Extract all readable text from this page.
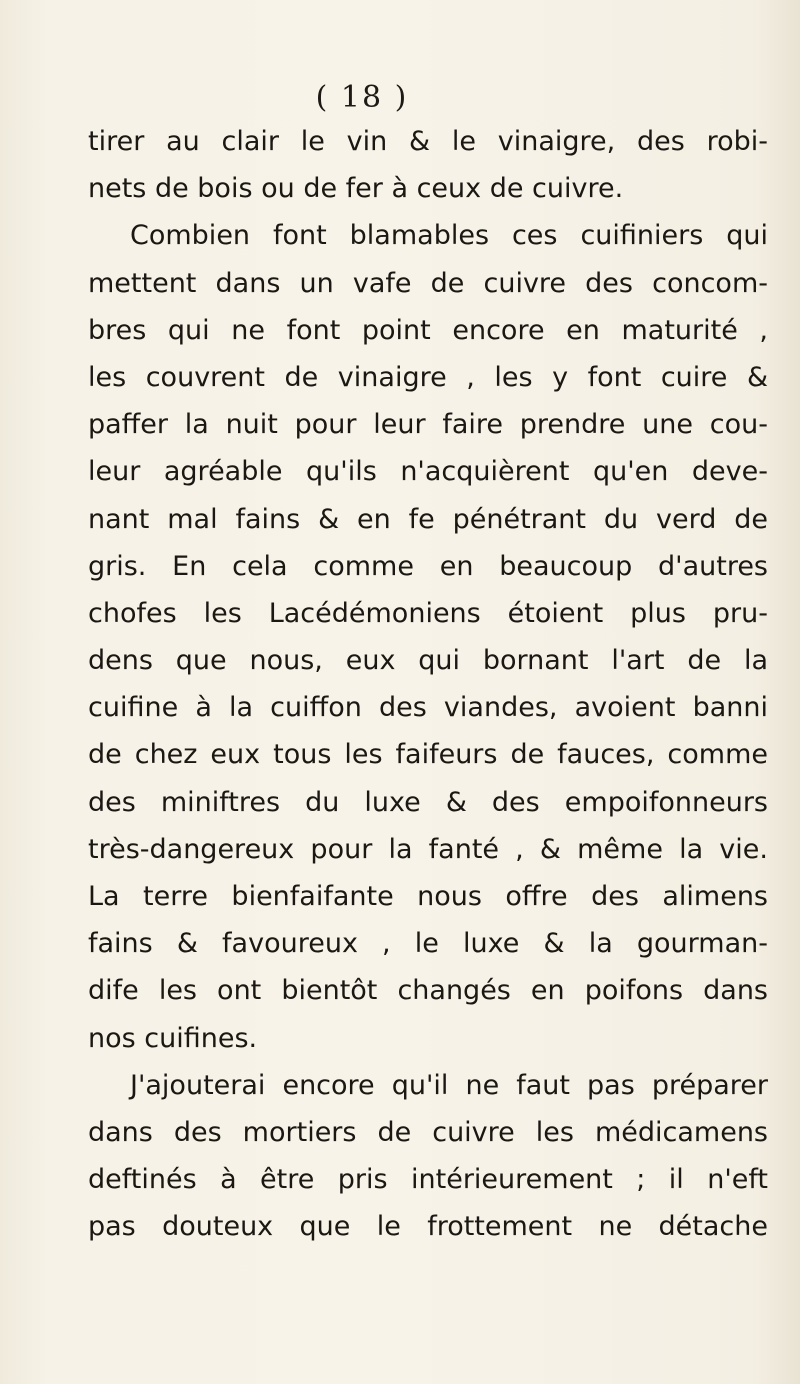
( 18 )
tirer au clair le vin & le vinaigre, des robi-
nets de bois ou de fer à ceux de cuivre.
Combien font blamables ces cuifiniers qui
mettent dans un vafe de cuivre des concom-
bres qui ne font point encore en maturité ,
les couvrent de vinaigre , les y font cuire &
paffer la nuit pour leur faire prendre une cou-
leur agréable qu'ils n'acquièrent qu'en deve-
nant mal fains & en fe pénétrant du verd de
gris. En cela comme en beaucoup d'autres
chofes les Lacédémoniens étoient plus pru-
dens que nous, eux qui bornant l'art de la
cuifine à la cuiffon des viandes, avoient banni
de chez eux tous les faifeurs de fauces, comme
des miniftres du luxe & des empoifonneurs
très-dangereux pour la fanté , & même la vie.
La terre bienfaifante nous offre des alimens
fains & favoureux , le luxe & la gourman-
dife les ont bientôt changés en poifons dans
nos cuifines.
J'ajouterai encore qu'il ne faut pas préparer
dans des mortiers de cuivre les médicamens
deftinés à être pris intérieurement ; il n'eft
pas douteux que le frottement ne détache
